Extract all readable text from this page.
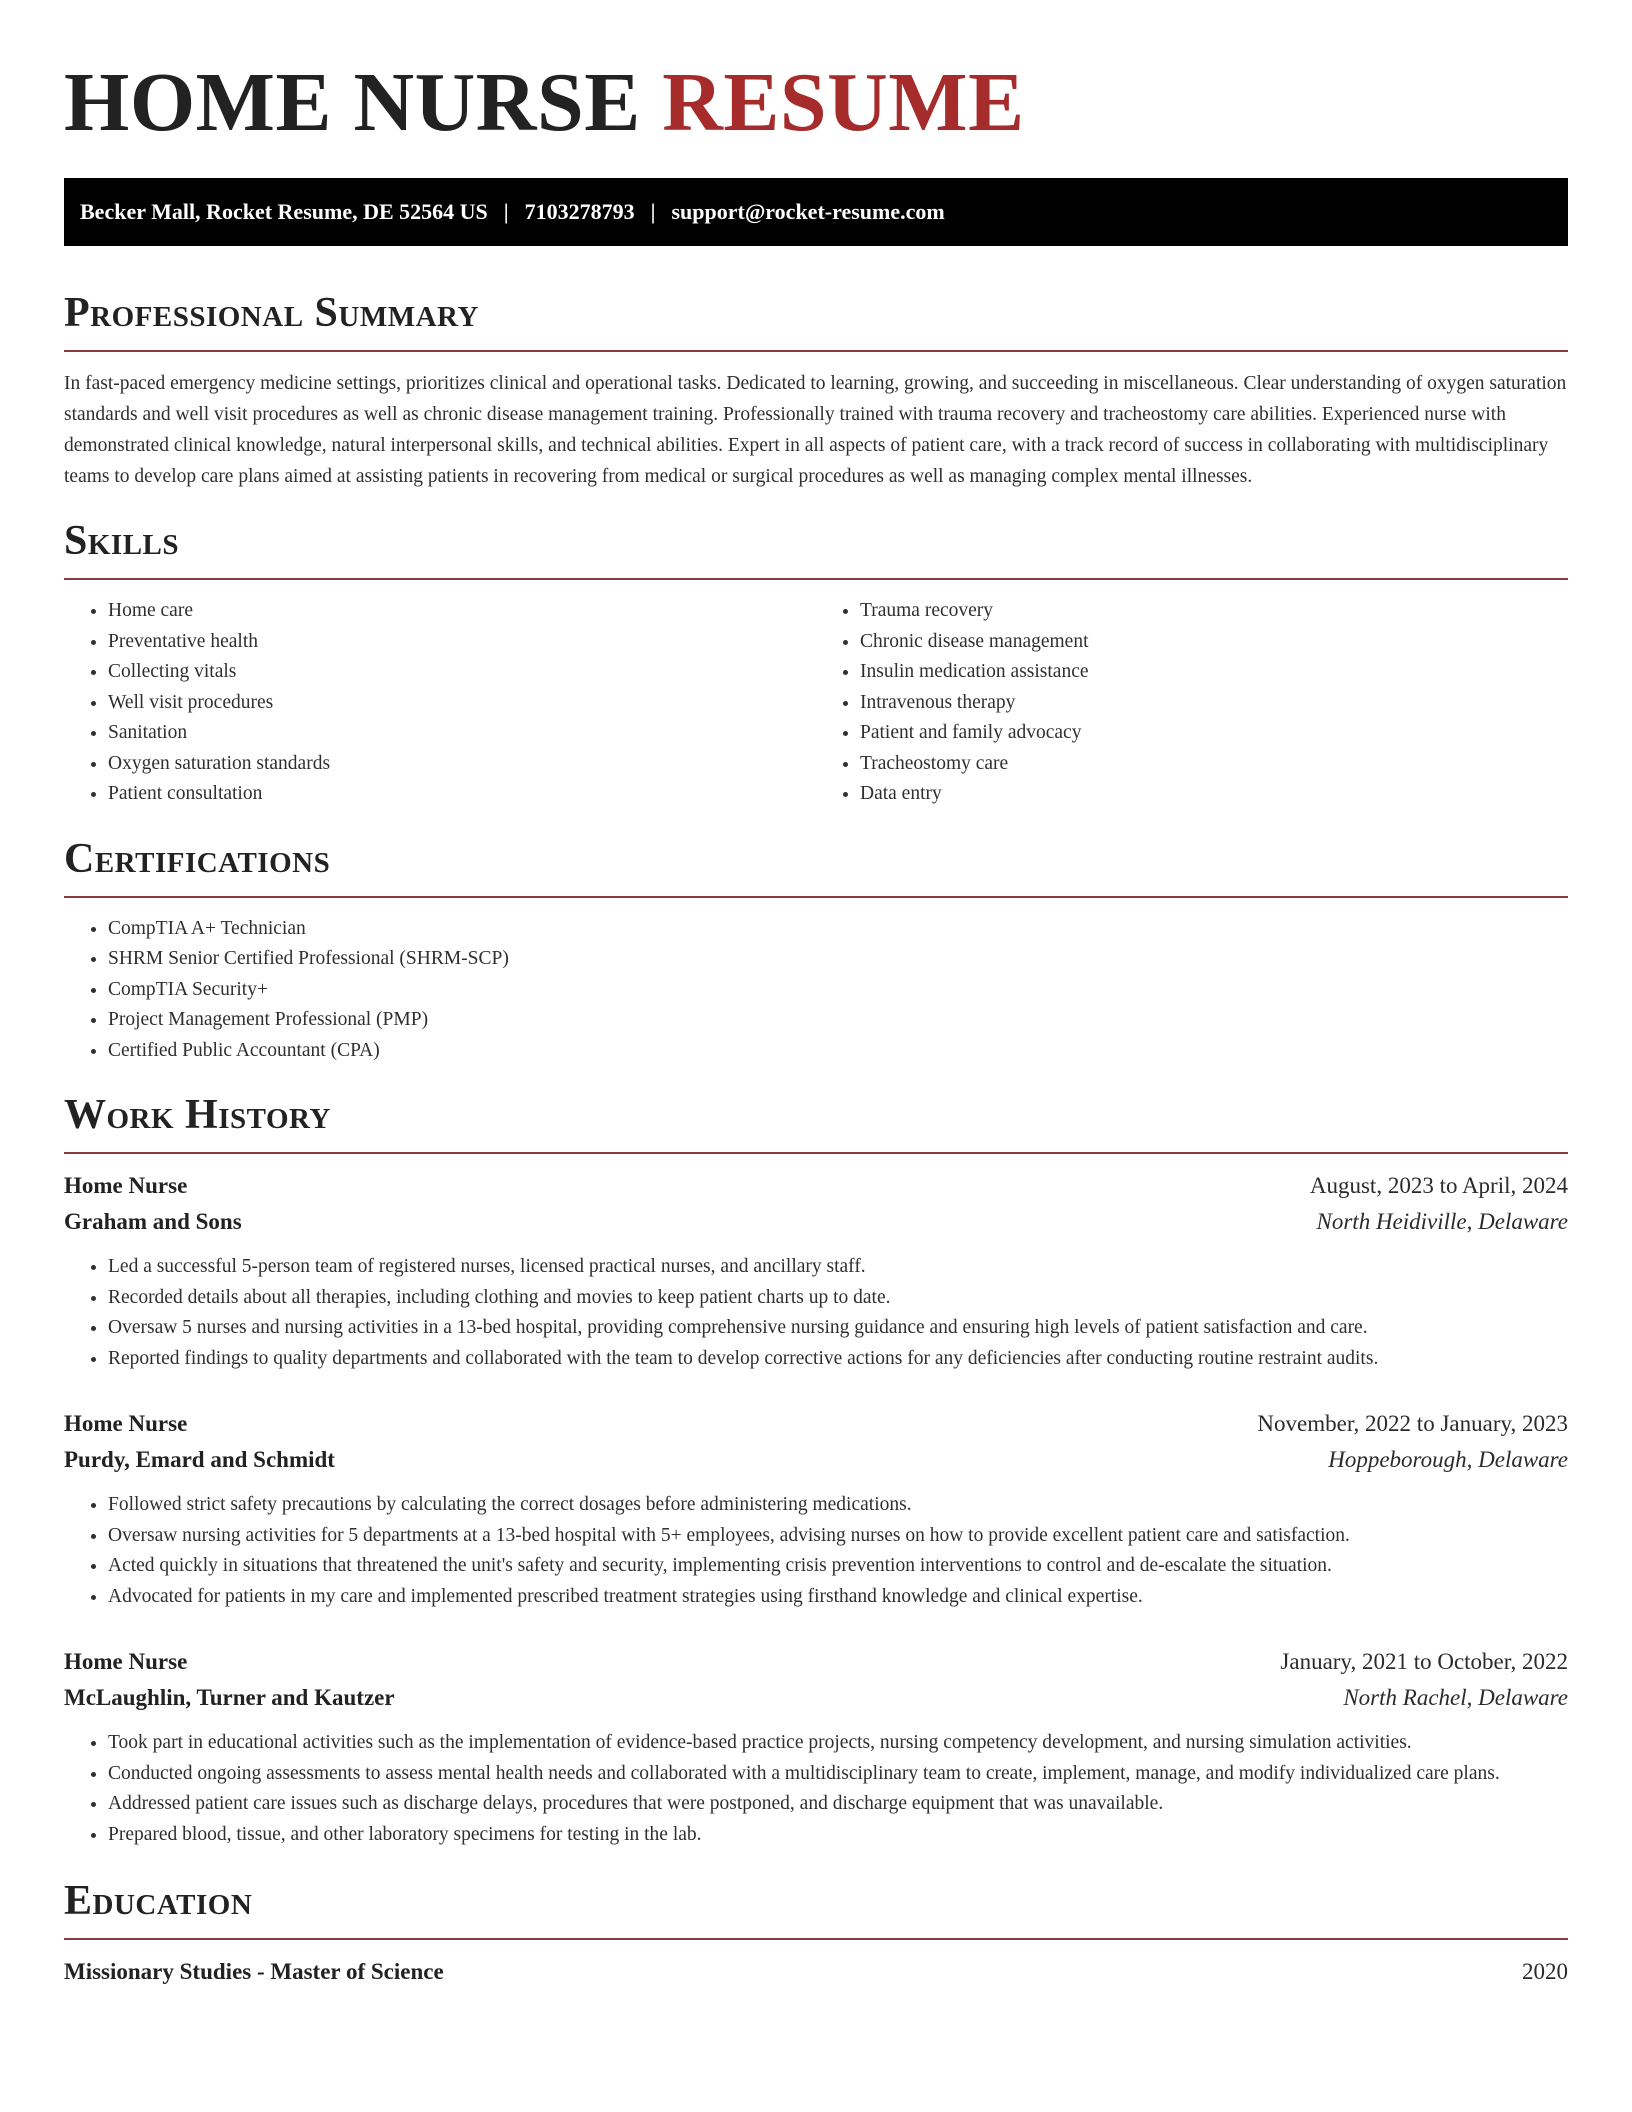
HOME NURSE RESUME
Becker Mall, Rocket Resume, DE 52564 US | 7103278793 | support@rocket-resume.com
Professional Summary

In fast-paced emergency medicine settings, prioritizes clinical and operational tasks. Dedicated to learning, growing, and succeeding in miscellaneous. Clear understanding of oxygen saturation standards and well visit procedures as well as chronic disease management training. Professionally trained with trauma recovery and tracheostomy care abilities. Experienced nurse with demonstrated clinical knowledge, natural interpersonal skills, and technical abilities. Expert in all aspects of patient care, with a track record of success in collaborating with multidisciplinary teams to develop care plans aimed at assisting patients in recovering from medical or surgical procedures as well as managing complex mental illnesses.

Skills
• Home care
• Preventative health
• Collecting vitals
• Well visit procedures
• Sanitation
• Oxygen saturation standards
• Patient consultation
• Trauma recovery
• Chronic disease management
• Insulin medication assistance
• Intravenous therapy
• Patient and family advocacy
• Tracheostomy care
• Data entry
Certifications
• CompTIA A+ Technician
• SHRM Senior Certified Professional (SHRM-SCP)
• CompTIA Security+
• Project Management Professional (PMP)
• Certified Public Accountant (CPA)
Work History
Home Nurse	August, 2023 to April, 2024
Graham and Sons	North Heidiville, Delaware
• Led a successful 5-person team of registered nurses, licensed practical nurses, and ancillary staff.
• Recorded details about all therapies, including clothing and movies to keep patient charts up to date.
• Oversaw 5 nurses and nursing activities in a 13-bed hospital, providing comprehensive nursing guidance and ensuring high levels of patient satisfaction and care.
• Reported findings to quality departments and collaborated with the team to develop corrective actions for any deficiencies after conducting routine restraint audits.
Home Nurse	November, 2022 to January, 2023
Purdy, Emard and Schmidt	Hoppeborough, Delaware
• Followed strict safety precautions by calculating the correct dosages before administering medications.
• Oversaw nursing activities for 5 departments at a 13-bed hospital with 5+ employees, advising nurses on how to provide excellent patient care and satisfaction.
• Acted quickly in situations that threatened the unit's safety and security, implementing crisis prevention interventions to control and de-escalate the situation.
• Advocated for patients in my care and implemented prescribed treatment strategies using firsthand knowledge and clinical expertise.
Home Nurse	January, 2021 to October, 2022
McLaughlin, Turner and Kautzer	North Rachel, Delaware
• Took part in educational activities such as the implementation of evidence-based practice projects, nursing competency development, and nursing simulation activities.
• Conducted ongoing assessments to assess mental health needs and collaborated with a multidisciplinary team to create, implement, manage, and modify individualized care plans.
• Addressed patient care issues such as discharge delays, procedures that were postponed, and discharge equipment that was unavailable.
• Prepared blood, tissue, and other laboratory specimens for testing in the lab.
Education
Missionary Studies - Master of Science	2020
